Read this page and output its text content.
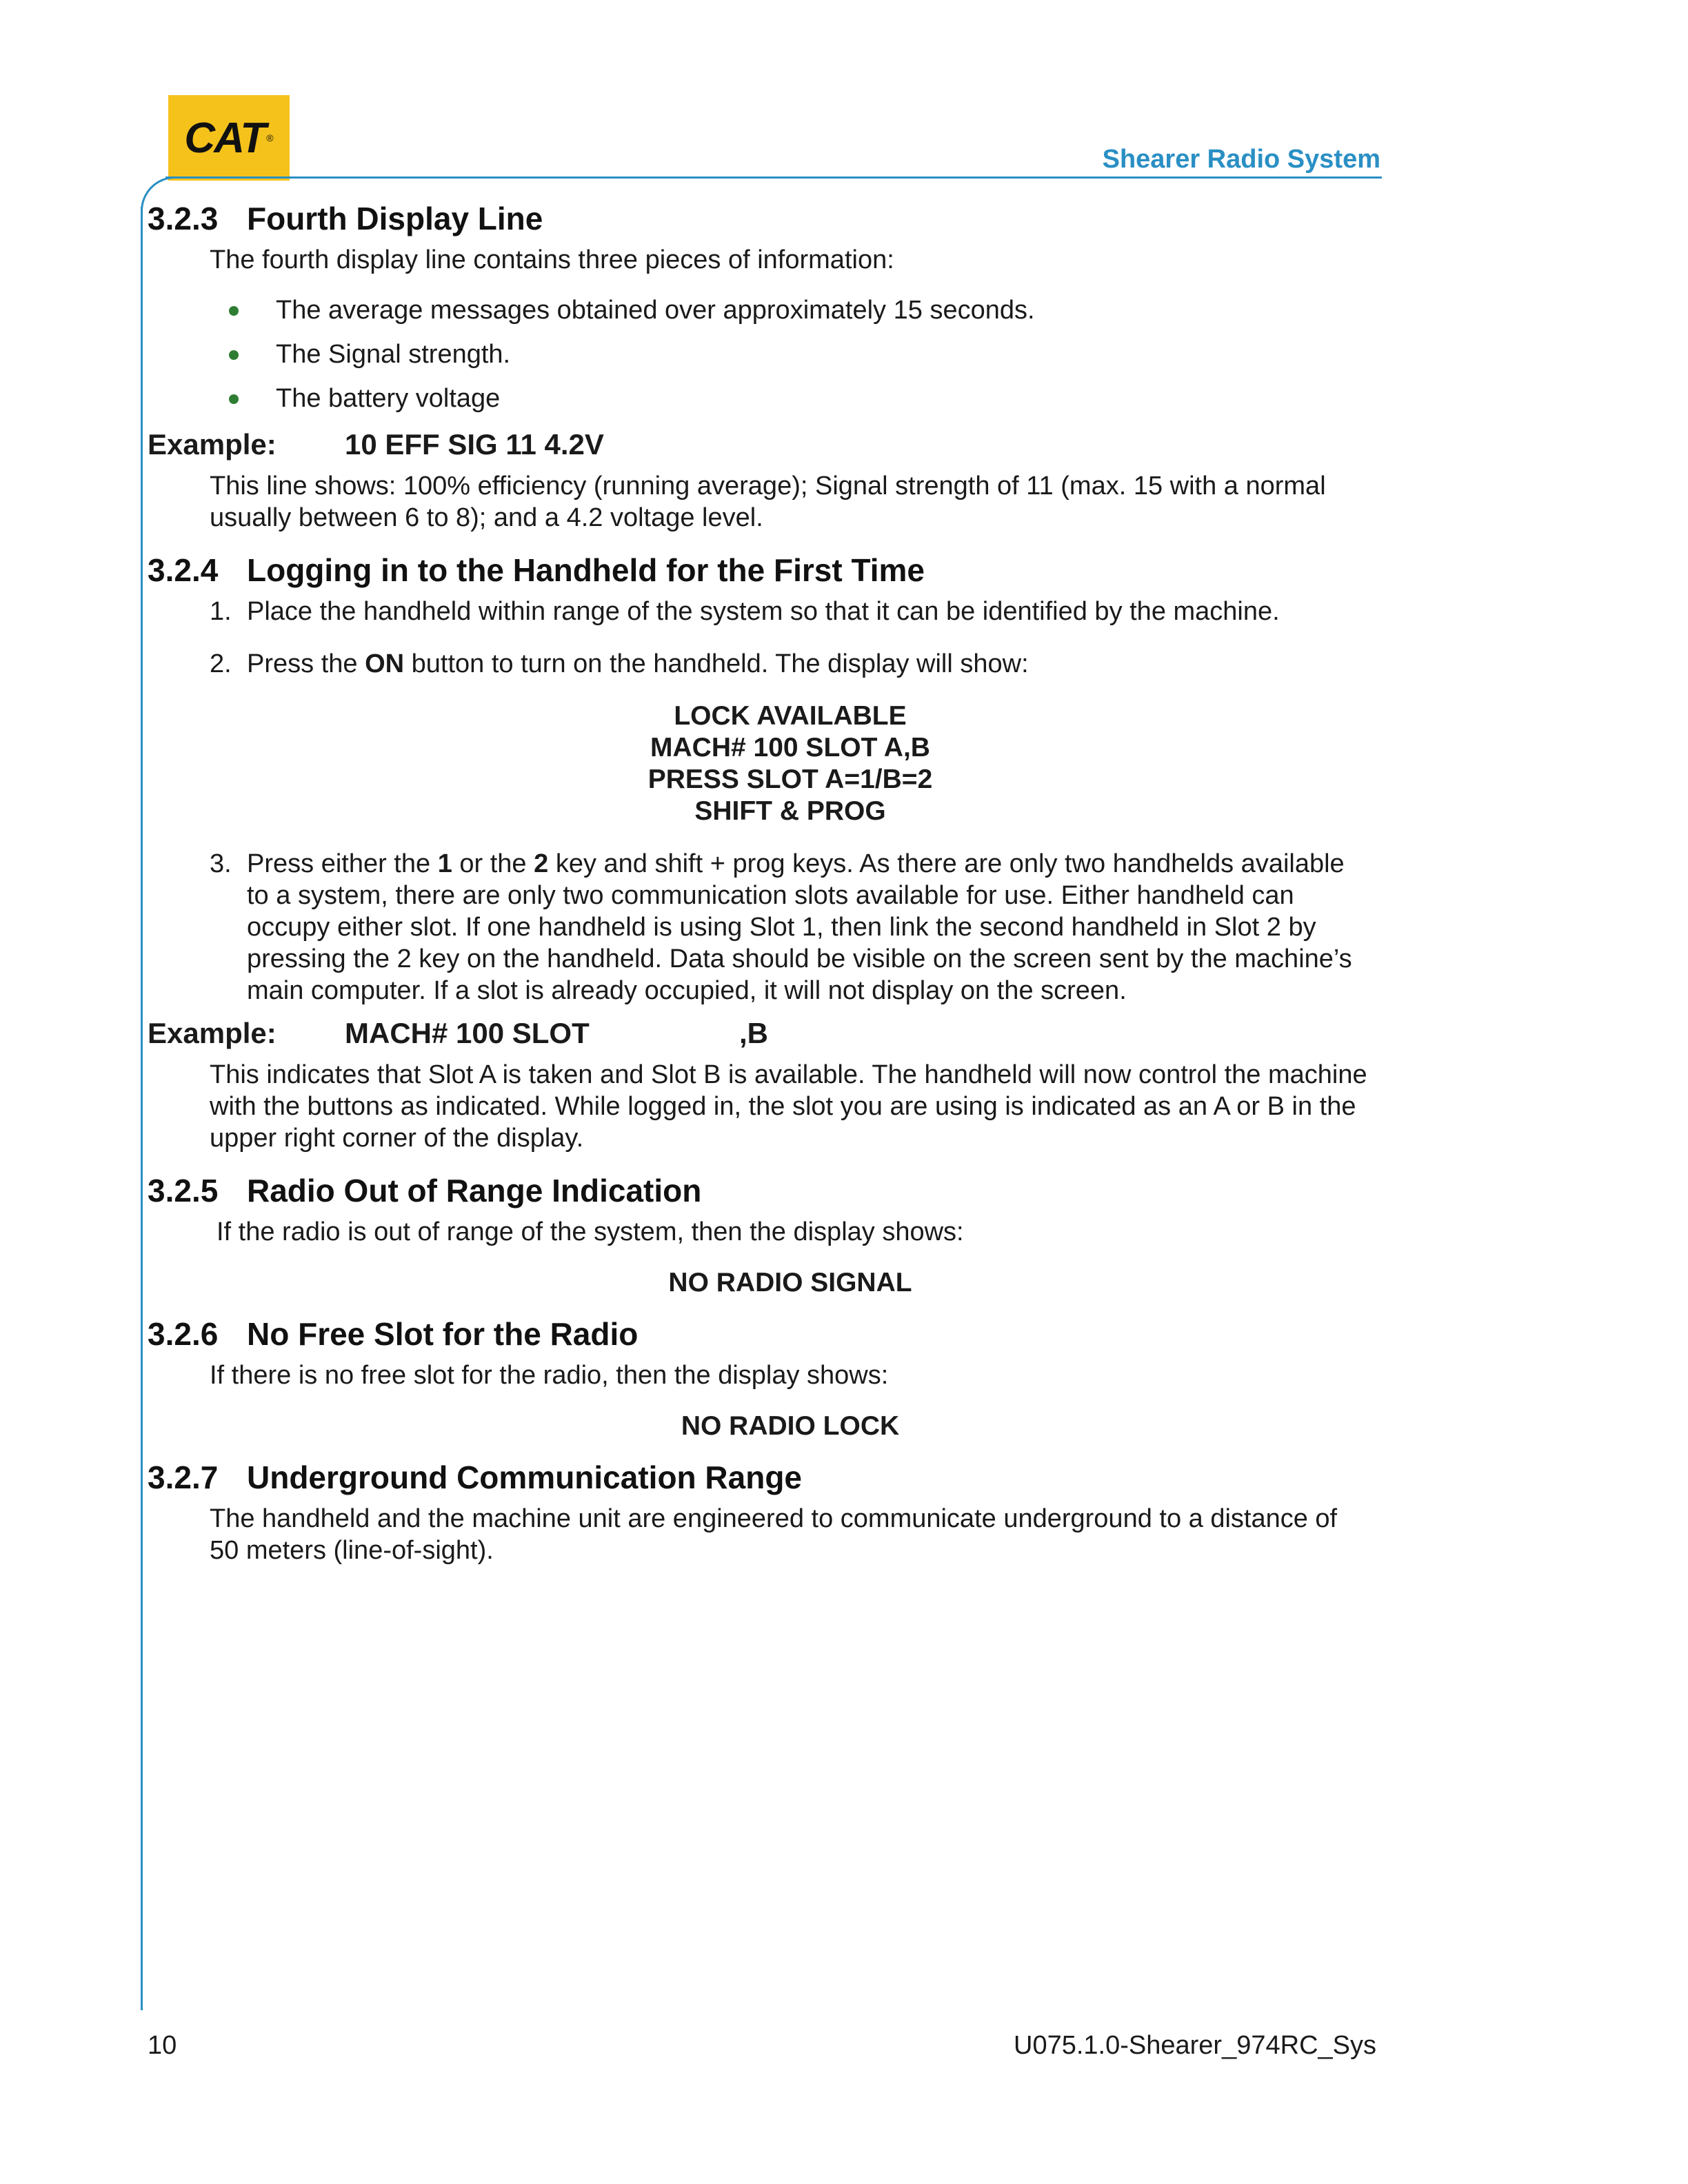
CAT ®
Shearer Radio System
3.2.3 Fourth Display Line

The fourth display line contains three pieces of information:

The average messages obtained over approximately 15 seconds.
The Signal strength.
The battery voltage
Example: 10 EFF SIG 11 4.2V

This line shows: 100% efficiency (running average); Signal strength of 11 (max. 15 with a normal usually between 6 to 8); and a 4.2 voltage level.

3.2.4 Logging in to the Handheld for the First Time
1. Place the handheld within range of the system so that it can be identified by the machine.
2. Press the ON button to turn on the handheld. The display will show:
LOCK AVAILABLE
MACH# 100 SLOT A,B
PRESS SLOT A=1/B=2
SHIFT & PROG
3. Press either the 1 or the 2 key and shift + prog keys. As there are only two handhelds available to a system, there are only two communication slots available for use. Either handheld can occupy either slot. If one handheld is using Slot 1, then link the second handheld in Slot 2 by pressing the 2 key on the handheld. Data should be visible on the screen sent by the machine’s main computer. If a slot is already occupied, it will not display on the screen.
Example: MACH# 100 SLOT	,B

This indicates that Slot A is taken and Slot B is available. The handheld will now control the machine with the buttons as indicated. While logged in, the slot you are using is indicated as an A or B in the upper right corner of the display.

3.2.5 Radio Out of Range Indication

If the radio is out of range of the system, then the display shows:

NO RADIO SIGNAL
3.2.6 No Free Slot for the Radio

If there is no free slot for the radio, then the display shows:

NO RADIO LOCK
3.2.7 Underground Communication Range

The handheld and the machine unit are engineered to communicate underground to a distance of 50 meters (line-of-sight).

10	U075.1.0-Shearer_974RC_Sys
